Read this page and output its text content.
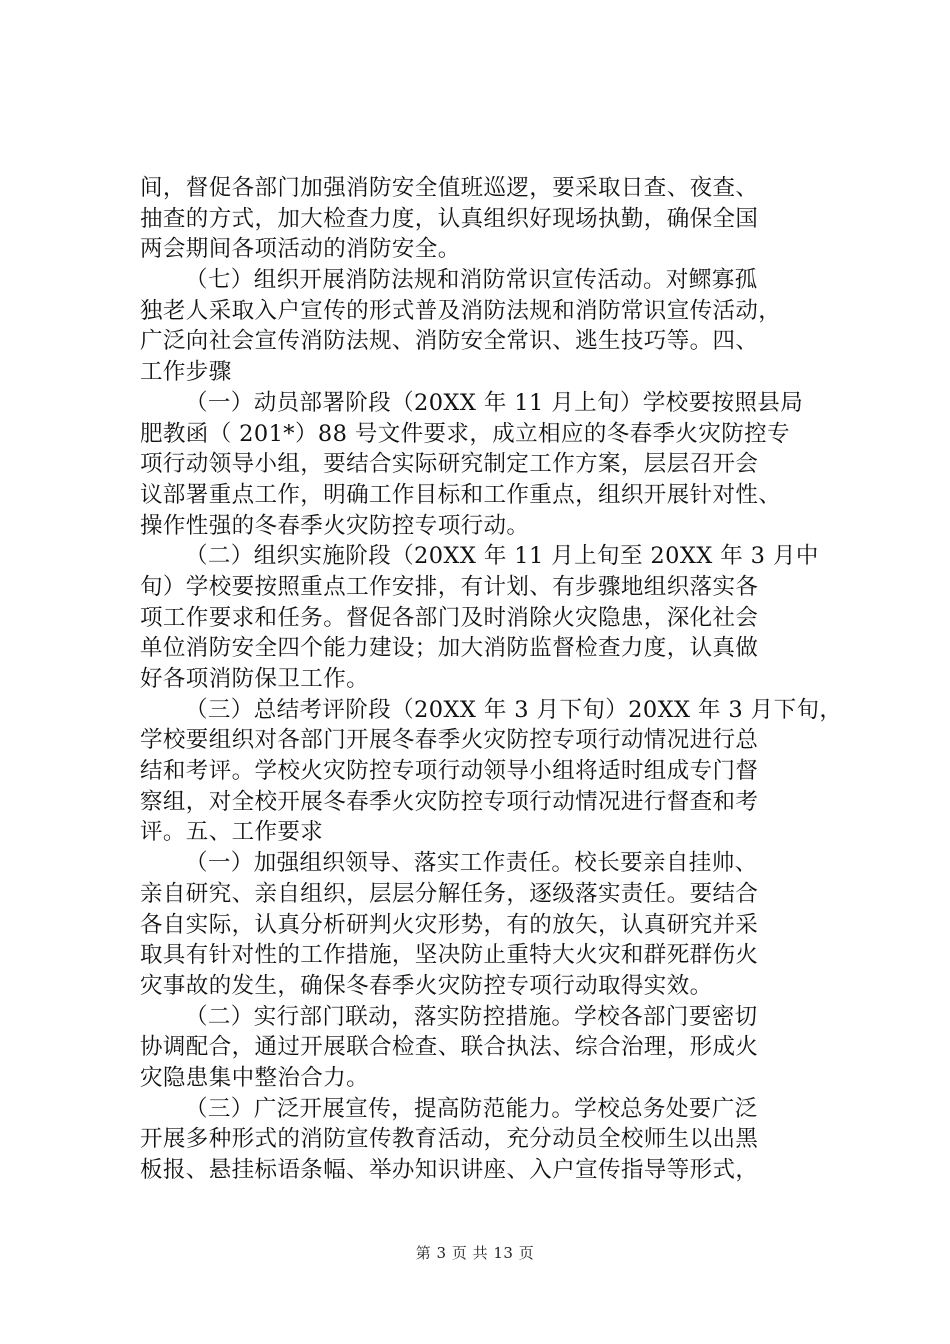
间，督促各部门加强消防安全值班巡逻，要采取日查、夜查、
抽查的方式，加大检查力度，认真组织好现场执勤，确保全国
两会期间各项活动的消防安全。
（七）组织开展消防法规和消防常识宣传活动。对鳏寡孤
独老人采取入户宣传的形式普及消防法规和消防常识宣传活动，
广泛向社会宣传消防法规、消防安全常识、逃生技巧等。四、
工作步骤
（一）动员部署阶段（20XX 年 11 月上旬）学校要按照县局
肥教函（ 201*）88 号文件要求，成立相应的冬春季火灾防控专
项行动领导小组，要结合实际研究制定工作方案，层层召开会
议部署重点工作，明确工作目标和工作重点，组织开展针对性、
操作性强的冬春季火灾防控专项行动。
（二）组织实施阶段（20XX 年 11 月上旬至 20XX 年 3 月中
旬）学校要按照重点工作安排，有计划、有步骤地组织落实各
项工作要求和任务。督促各部门及时消除火灾隐患，深化社会
单位消防安全四个能力建设；加大消防监督检查力度，认真做
好各项消防保卫工作。
（三）总结考评阶段（20XX 年 3 月下旬）20XX 年 3 月下旬，
学校要组织对各部门开展冬春季火灾防控专项行动情况进行总
结和考评。学校火灾防控专项行动领导小组将适时组成专门督
察组，对全校开展冬春季火灾防控专项行动情况进行督查和考
评。五、工作要求
（一）加强组织领导、落实工作责任。校长要亲自挂帅、
亲自研究、亲自组织，层层分解任务，逐级落实责任。要结合
各自实际，认真分析研判火灾形势，有的放矢，认真研究并采
取具有针对性的工作措施，坚决防止重特大火灾和群死群伤火
灾事故的发生，确保冬春季火灾防控专项行动取得实效。
（二）实行部门联动，落实防控措施。学校各部门要密切
协调配合，通过开展联合检查、联合执法、综合治理，形成火
灾隐患集中整治合力。
（三）广泛开展宣传，提高防范能力。学校总务处要广泛
开展多种形式的消防宣传教育活动，充分动员全校师生以出黑
板报、悬挂标语条幅、举办知识讲座、入户宣传指导等形式，
第 3 页 共 13 页
